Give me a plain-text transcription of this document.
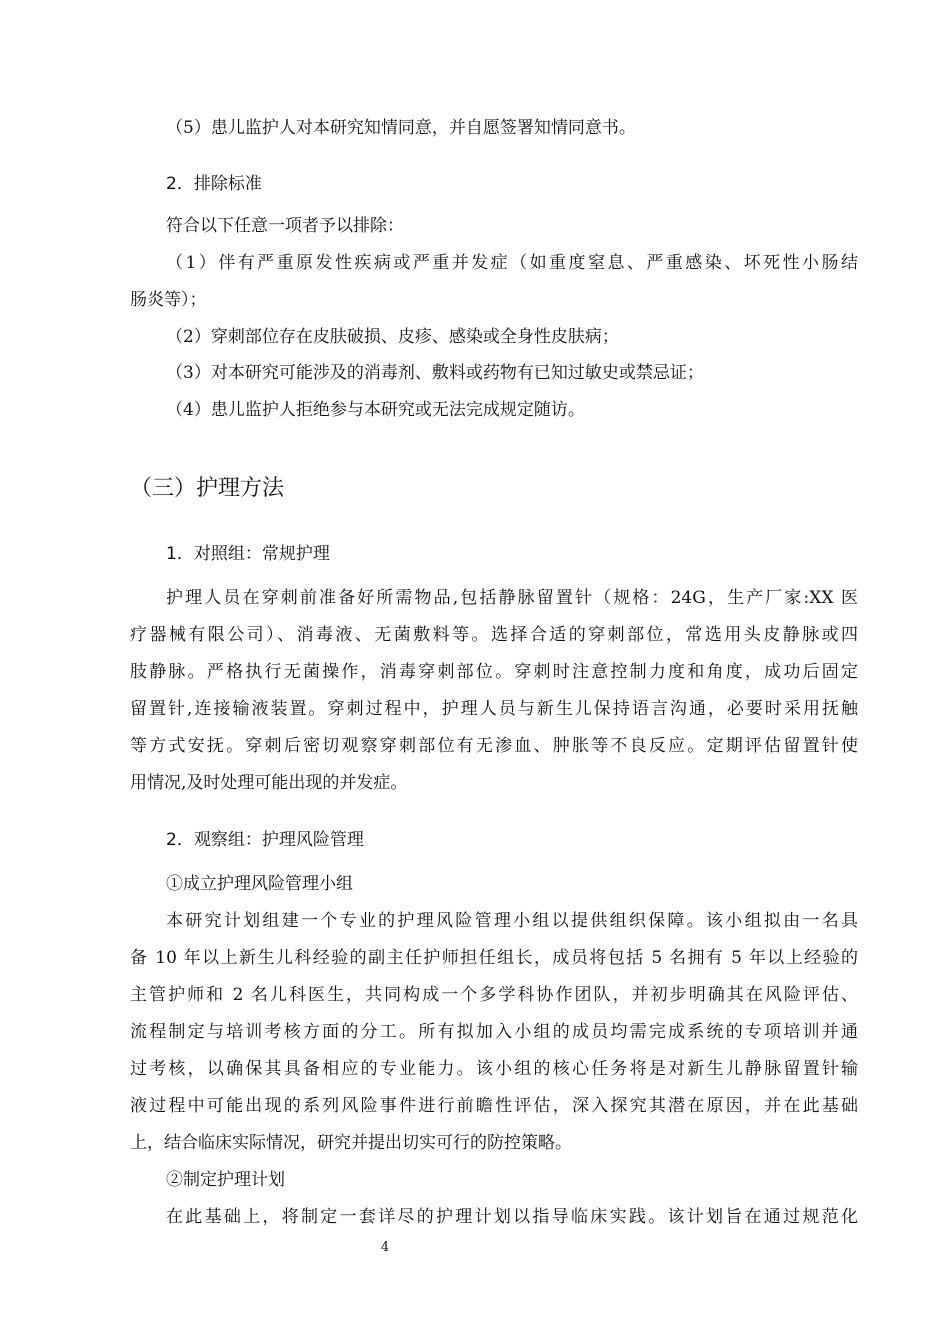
（5）患儿监护人对本研究知情同意，并自愿签署知情同意书。
2．排除标准
符合以下任意一项者予以排除：
（1）伴有严重原发性疾病或严重并发症（如重度窒息、严重感染、坏死性小肠结
肠炎等）；
（2）穿刺部位存在皮肤破损、皮疹、感染或全身性皮肤病；
（3）对本研究可能涉及的消毒剂、敷料或药物有已知过敏史或禁忌证；
（4）患儿监护人拒绝参与本研究或无法完成规定随访。
（三）护理方法
1．对照组：常规护理
护理人员在穿刺前准备好所需物品,包括静脉留置针（规格：24G，生产厂家:XX 医
疗器械有限公司）、消毒液、无菌敷料等。选择合适的穿刺部位，常选用头皮静脉或四
肢静脉。严格执行无菌操作，消毒穿刺部位。穿刺时注意控制力度和角度，成功后固定
留置针,连接输液装置。穿刺过程中，护理人员与新生儿保持语言沟通，必要时采用抚触
等方式安抚。穿刺后密切观察穿刺部位有无渗血、肿胀等不良反应。定期评估留置针使
用情况,及时处理可能出现的并发症。
2．观察组：护理风险管理
①成立护理风险管理小组
本研究计划组建一个专业的护理风险管理小组以提供组织保障。该小组拟由一名具
备 10 年以上新生儿科经验的副主任护师担任组长，成员将包括 5 名拥有 5 年以上经验的
主管护师和 2 名儿科医生，共同构成一个多学科协作团队，并初步明确其在风险评估、
流程制定与培训考核方面的分工。所有拟加入小组的成员均需完成系统的专项培训并通
过考核，以确保其具备相应的专业能力。该小组的核心任务将是对新生儿静脉留置针输
液过程中可能出现的系列风险事件进行前瞻性评估，深入探究其潜在原因，并在此基础
上，结合临床实际情况，研究并提出切实可行的防控策略。
②制定护理计划
在此基础上，将制定一套详尽的护理计划以指导临床实践。该计划旨在通过规范化
4
